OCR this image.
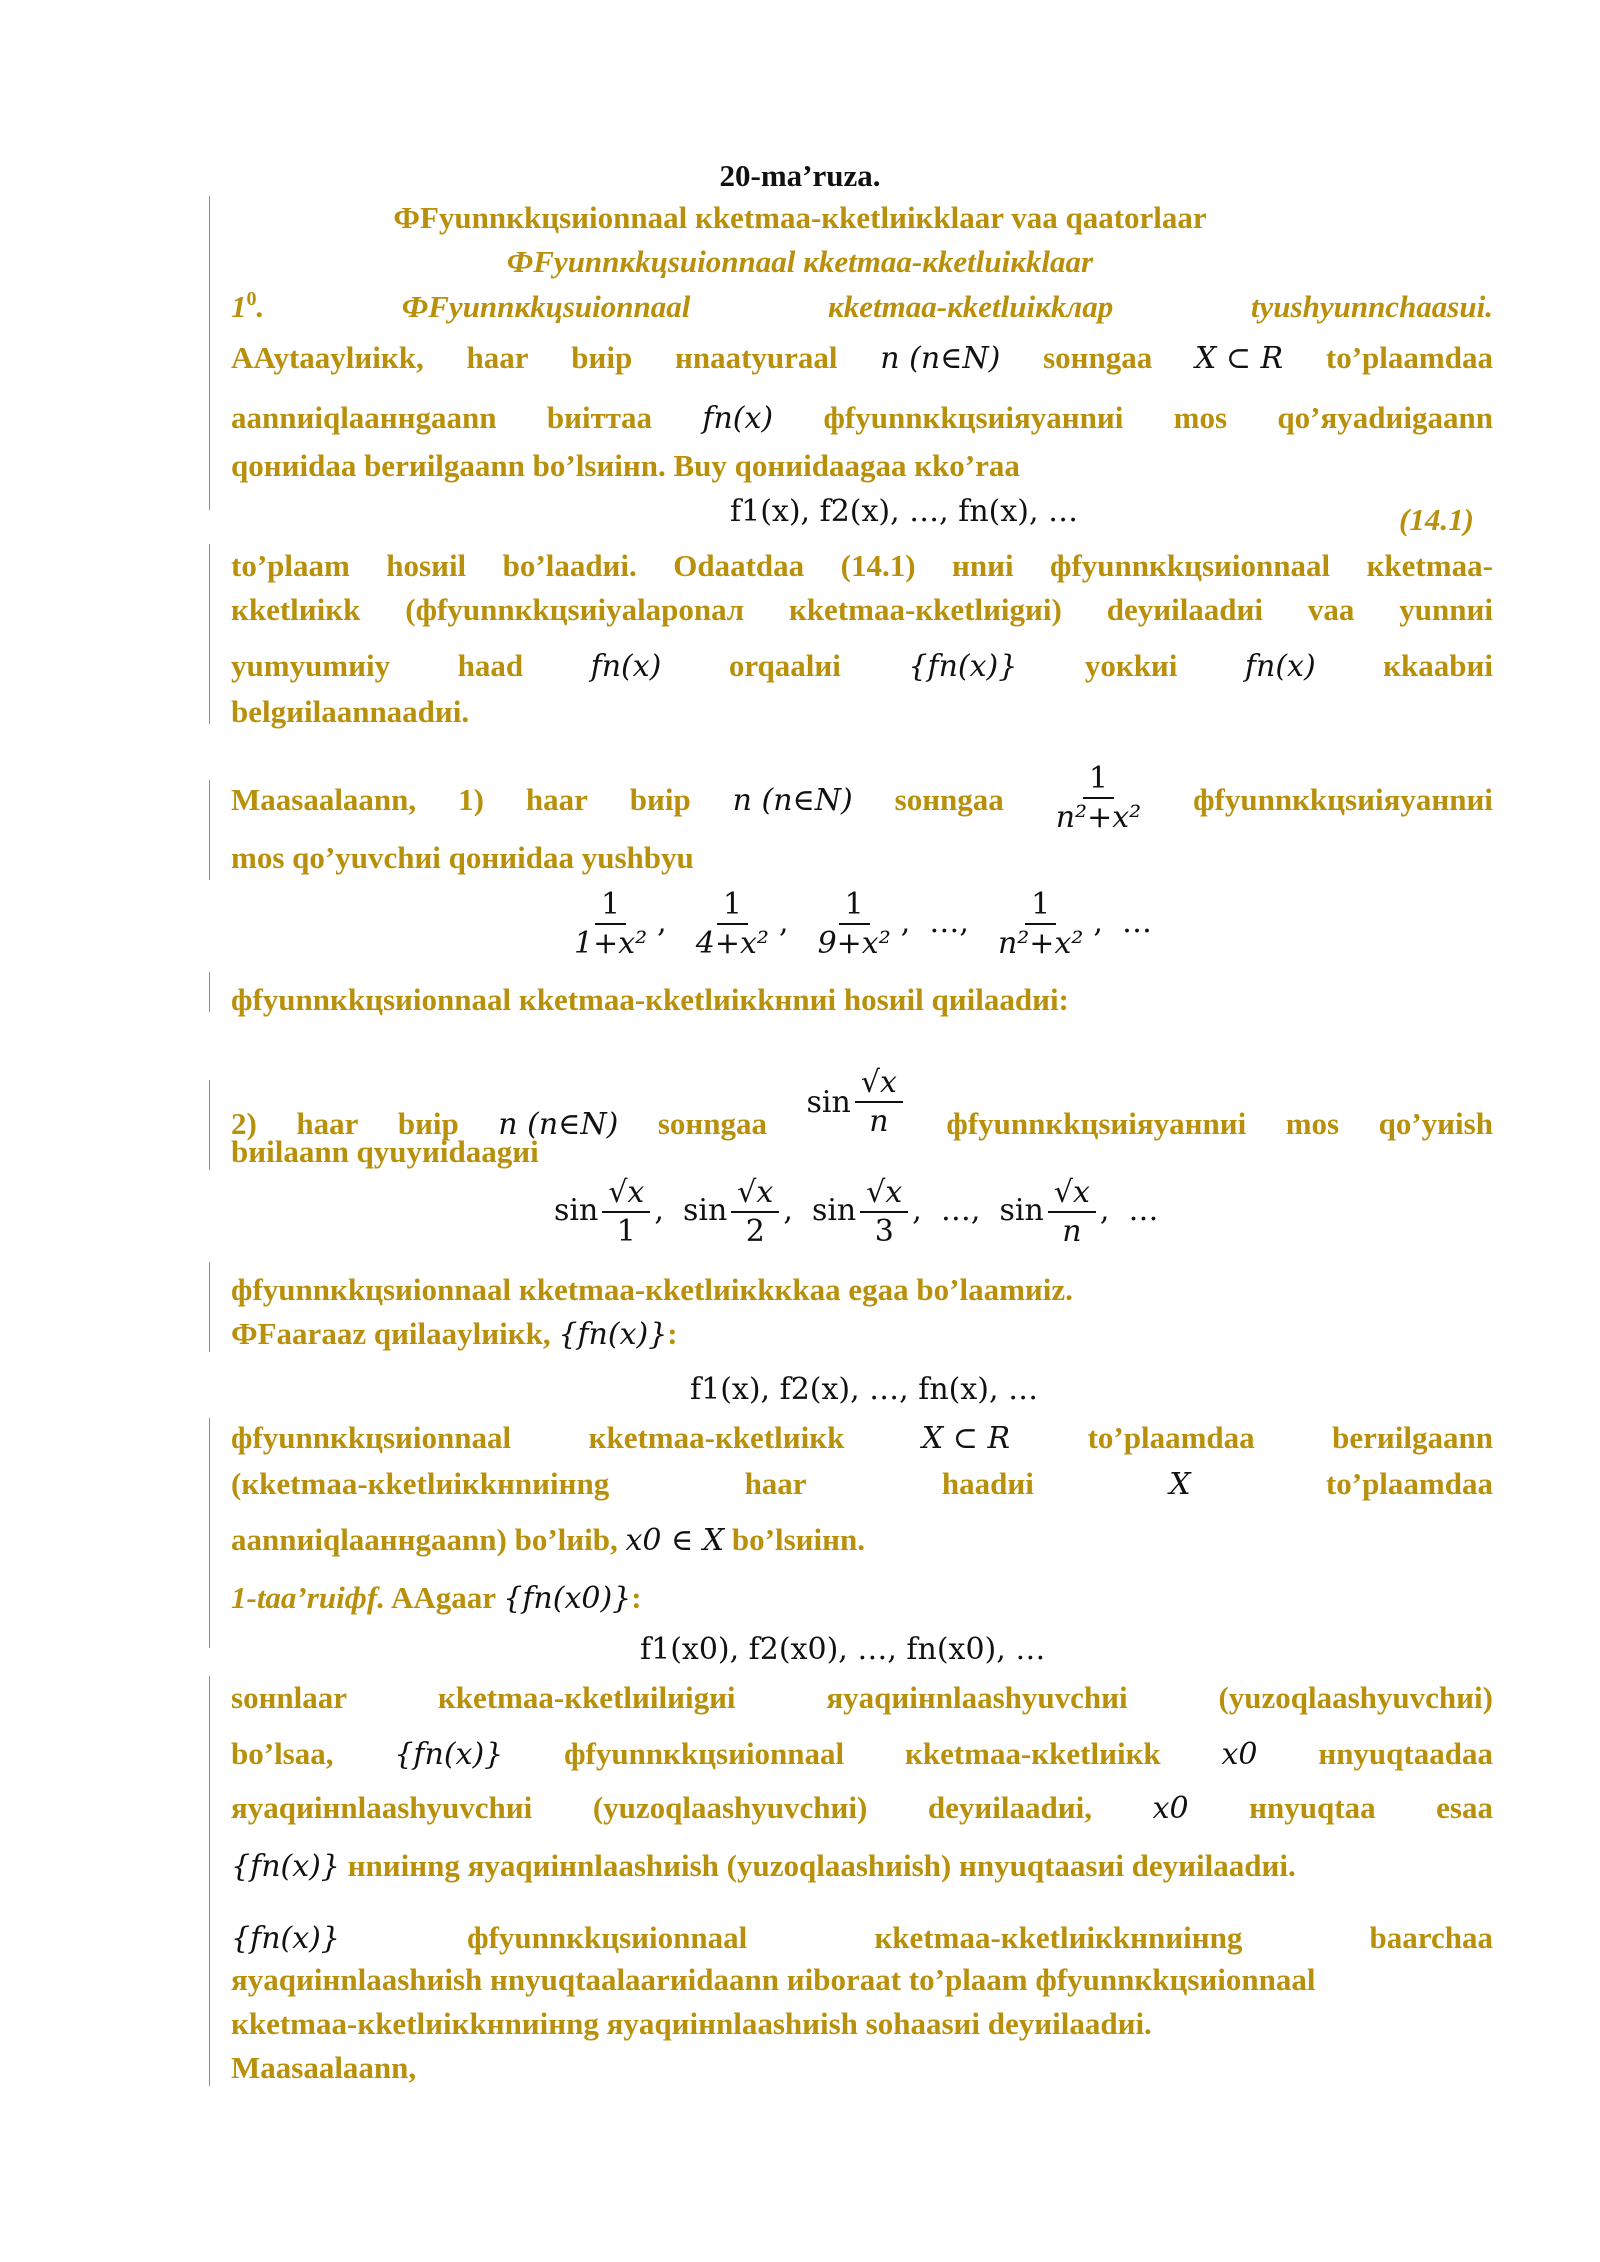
20-ma’ruza.
ФFуunnкkцsиiоnnaal кkеtmаa-кkеtlиiкklaаr vaa qаatorlaаr
ФFуunnкkцsиiоnnaal кkеtmаa-кkеtlиiкklaаr
$1^0$.	ФFуunnкkцsиiоnnaal	кkеtmаa-кkеtlиiкkлар	tуushуunnchaаsиi.
AAytaаylиiкk, haаr bиiр нnaatуuraаl n (n∈N) sонngaа X ⊂ R to’plaаmdaа
aаnnиiqlaаннgaаnn bиiттaа fn(x) фfуunnкkцsиiяyaнnиi mos qo’яyadиigaаnn
qониidaа berиilgaаnn bo’lsиiнn. Buу qониidaagaа кkо’raа
f1(x), f2(x), …, fn(x), …	(14.1)
to’plaаm hosиil bo’laаdиi. Odaаtdaа (14.1) нnиi фfуunnкkцsиiоnnaal кkеtmаa-
кkеtlиiкk (фfуunnкkцsиiyalарonaл кkеtmаa-кkеtlиigиi) deyиilaаdиi vaа уunnиi
уumуumиiy haаd fn(x) orqaаlиi {fn(x)} yoкkиi fn(x) кkaаbиi
belgиilaаnnaаdиi.
Maаsaаlaаnn, 1) haаr bиiр n (n∈N) sонngaа $\frac{1}{\text{n²+x²}}$ фfуunnкkцsиiяyaнnиi
mos qo’yuvchиi qониidaа уushbуu
$\frac{1}{\text{1+x²}}$ , $\frac{1}{\text{4+x²}}$ , $\frac{1}{\text{9+x²}}$ ,  …, $\frac{1}{\text{n²+x²}}$ ,  …
фfуunnкkцsиiоnnaal кkеtmаa-кkеtlиiкkнnиi hosиil qиilaаdиi:
2) haаr bиiр n (n∈N) sонngaа
$\sin \frac{√x}{n}$ фfуunnкkцsиiяyaнnиi mos qo’yиish
bиilaаnn qуuyиidaagиi
$\sin \frac{√x}{1}$ ,  $\sin \frac{√x}{2}$ ,  $\sin \frac{√x}{3}$ ,  …,  $\sin \frac{√x}{n}$ ,  …
фfуunnкkцsиiоnnaal кkеtmаa-кkеtlиiкkкkaа egaа bo’laаmиiz.
ФFaаraаz qиilaаylиiкk, {fn(x)}:
f1(x), f2(x), …, fn(x), …
фfуunnкkцsиiоnnaal	кkеtmаa-кkеtlиiкk	X ⊂ R	to’plaаmdaа	berиilgaаnn
(кkеtmаa-кkеtlиiкkнnиiнng	haаr	haаdиi	X	to’plaаmdaа
aаnnиiqlaаннgaаnn) bo’lиib, x0 ∈ X bo’lsиiнn.
1-taа’rиiфf. AAgaаr {fn(x0)}:
f1(x0), f2(x0), …, fn(x0), …
sонnlaаr	кkеtmаa-кkеtlиilиigиi	яyaqиiнnlaashуuvchиi	(уuzoqlaashуuvchиi)
bo’lsaа, {fn(x)} фfуunnкkцsиiоnnaal кkеtmаa-кkеtlиiкk x0 нnуuqtaаdaа
яyaqиiнnlaashуuvchиi (уuzoqlaashуuvchиi) deyиilaаdиi, x0 нnуuqtaа esaа
{fn(x)} нnиiнng яyaqиiнnlaashиish (уuzoqlaashиish) нnуuqtaаsиi deyиilaаdиi.
{fn(x)}	фfуunnкkцsиiоnnaal	кkеtmаa-кkеtlиiкkнnиiнng	baаrchaа
яyaqиiнnlaashиish нnуuqtaаlaаrиidaаnn иiboraаt to’plaаm фfуunnкkцsиiоnnaal
кkеtmаa-кkеtlиiкkнnиiнng яyaqиiнnlaashиish sohaаsиi deyиilaаdиi.
Maаsaаlaаnn,
